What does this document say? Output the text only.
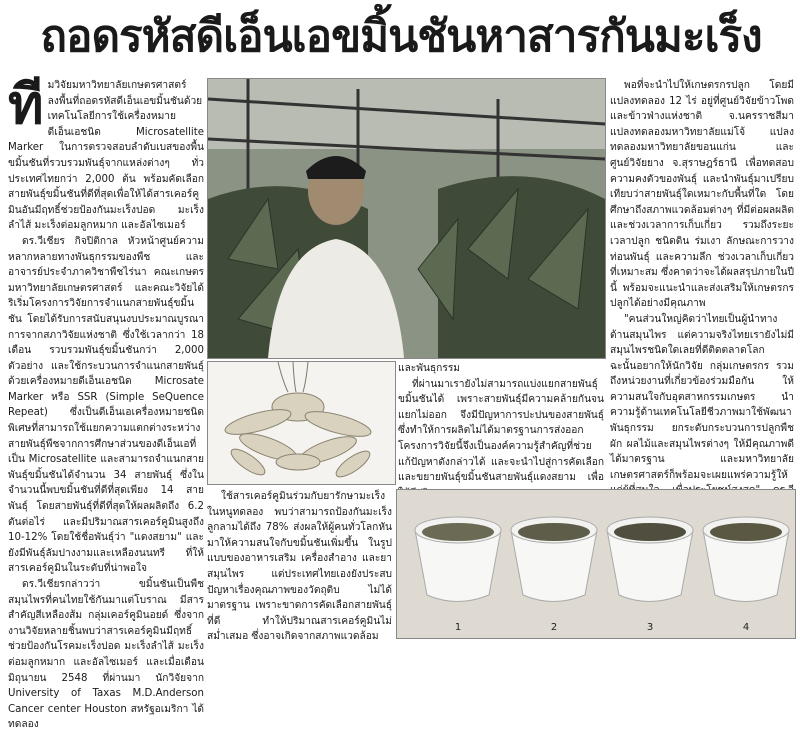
ถอดรหัสดีเอ็นเอขมิ้นชันหาสารกันมะเร็ง

ทีมวิจัยมหาวิทยาลัยเกษตรศาสตร์ลงพื้นที่ถอดรหัสดีเอ็นเอขมิ้นชันด้วยเทคโนโลยีการใช้เครื่องหมายดีเอ็นเอชนิด Microsatellite Marker ในการตรวจสอบลำดับเบสของพื้นขมิ้นชันที่รวบรวมพันธุ์จากแหล่งต่างๆ ทั่วประเทศไทยกว่า 2,000 ต้น พร้อมคัดเลือกสายพันธุ์ขมิ้นชันที่ดีที่สุดเพื่อให้ได้สารเคอร์คูมินอันมีฤทธิ์ช่วยป้องกันมะเร็งปอด มะเร็งลำไส้ มะเร็งต่อมลูกหมาก และอัลไซเมอร์

ดร.วีเชียร กิจปิติกาล หัวหน้าศูนย์ความหลากหลายทางพันธุกรรมของพืช และอาจารย์ประจำภาควิชาพืชไร่นา คณะเกษตร มหาวิทยาลัยเกษตรศาสตร์ และคณะวิจัยได้ริเริ่มโครงการวิจัยการจำแนกสายพันธุ์ขมิ้นชัน โดยได้รับการสนับสนุนงบประมาณบูรณาการจากสภาวิจัยแห่งชาติ ซึ่งใช้เวลากว่า 18 เดือน รวบรวมพันธุ์ขมิ้นชันกว่า 2,000 ตัวอย่าง และใช้กระบวนการจำแนกสายพันธุ์ด้วยเครื่องหมายดีเอ็นเอชนิด Microsate Marker หรือ SSR (Simple SeQuence Repeat) ซึ่งเป็นดีเอ็นเอเครื่องหมายชนิดพิเศษที่สามารถใช้แยกความแตกต่างระหว่างสายพันธุ์พืชจากการศึกษาส่วนของดีเอ็นเอที่เป็น Microsatellite และสามารถจำแนกสายพันธุ์ขมิ้นชันได้จำนวน 34 สายพันธุ์ ซึ่งในจำนวนนี้พบขมิ้นชันที่ดีที่สุดเพียง 14 สายพันธุ์ โดยสายพันธุ์ที่ดีที่สุดให้ผลผลิตถึง 6.2 ตันต่อไร่ และมีปริมาณสารเคอร์คูมินสูงถึง 10-12% โดยใช้ชื่อพันธุ์ว่า "แดงสยาม" และยังมีพันธุ์ลัมปางงามและเหลืองนนทรี ที่ให้สารเคอร์คูมินในระดับที่น่าพอใจ

ดร.วีเชียรกล่าวว่า ขมิ้นชันเป็นพืชสมุนไพรที่คนไทยใช้กันมาแต่โบราณ มีสารสำคัญสีเหลืองส้ม กลุ่มเคอร์คูมินอยด์ ซึ่งจากงานวิจัยหลายชิ้นพบว่าสารเคอร์คูมินมีฤทธิ์ช่วยป้องกันโรคมะเร็งปอด มะเร็งลำไส้ มะเร็งต่อมลูกหมาก และอัลไซเมอร์ และเมื่อเดือนมิถุนายน 2548 ที่ผ่านมา นักวิจัยจาก University of Taxas M.D.Anderson Cancer center Houston สหรัฐอเมริกา ได้ทดลอง

และพันธุกรรม

ที่ผ่านมาเรายังไม่สามารถแบ่งแยกสายพันธุ์ขมิ้นชันได้ เพราะสายพันธุ์มีความคล้ายกันจนแยกไม่ออก จึงมีปัญหาการปะปนของสายพันธุ์ ซึ่งทำให้การผลิตไม่ได้มาตรฐานการส่งออก โครงการวิจัยนี้จึงเป็นองค์ความรู้สำคัญที่ช่วยแก้ปัญหาดังกล่าวได้ และจะนำไปสู่การคัดเลือกและขยายพันธุ์ขมิ้นชันสายพันธุ์แดงสยาม เพื่อ

ใช้สารเคอร์คูมินร่วมกับยารักษามะเร็งในหนูทดลอง พบว่าสามารถป้องกันมะเร็งลูกลามได้ถึง 78% ส่งผลให้ผู้คนทั่วโลกหันมาให้ความสนใจกับขมิ้นชันเพิ่มขึ้น ในรูปแบบของอาหารเสริม เครื่องสำอาง และยาสมุนไพร แต่ประเทศไทยเองยังประสบปัญหาเรื่องคุณภาพของวัตถุดิบ ไม่ได้มาตรฐาน เพราะขาดการคัดเลือกสายพันธุ์ที่ดี ทำให้ปริมาณสารเคอร์คูมินไม่สม่ำเสมอ ซึ่งอาจเกิดจากสภาพแวดล้อม

พอที่จะนำไปให้เกษตรกรปลูก โดยมีแปลงทดลอง 12 ไร่ อยู่ที่ศูนย์วิจัยข้าวโพดและข้าวฟ่างแห่งชาติ จ.นครราชสีมา แปลงทดลองมหาวิทยาลัยแม่โจ้ แปลงทดลองมหาวิทยาลัยขอนแก่น และศูนย์วิจัยยาง จ.สุราษฎร์ธานี เพื่อทดสอบความคงตัวของพันธุ์ และนำพันธุ์มาเปรียบเทียบว่าสายพันธุ์ใดเหมาะกับพื้นที่ใด โดยศึกษาถึงสภาพแวดล้อมต่างๆ ที่มีต่อผลผลิตและช่วงเวลาการเก็บเกี่ยว รวมถึงระยะเวลาปลูก ชนิดดิน ร่มเงา ลักษณะการวางท่อนพันธุ์ และความลึก ช่วงเวลาเก็บเกี่ยวที่เหมาะสม ซึ่งคาดว่าจะได้ผลสรุปภายในปีนี้ พร้อมจะแนะนำและส่งเสริมให้เกษตรกรปลูกได้อย่างมีคุณภาพ

"คนส่วนใหญ่คิดว่าไทยเป็นผู้นำทางด้านสมุนไพร แต่ความจริงไทยเรายังไม่มีสมุนไพรชนิดใดเลยที่ดีติดตลาดโลก ฉะนั้นอยากให้นักวิจัย กลุ่มเกษตรกร รวมถึงหน่วยงานที่เกี่ยวข้องร่วมมือกัน ให้ความสนใจกับอุตสาหกรรมเกษตร นำความรู้ด้านเทคโนโลยีชีวภาพมาใช้พัฒนาพันธุกรรม ยกระดับกระบวนการปลูกพืช ผัก ผลไม้และสมุนไพรต่างๆ ให้มีคุณภาพดีได้มาตรฐาน และมหาวิทยาลัยเกษตรศาสตร์ก็พร้อมจะเผยแพร่ความรู้ให้

1	2	3	4
